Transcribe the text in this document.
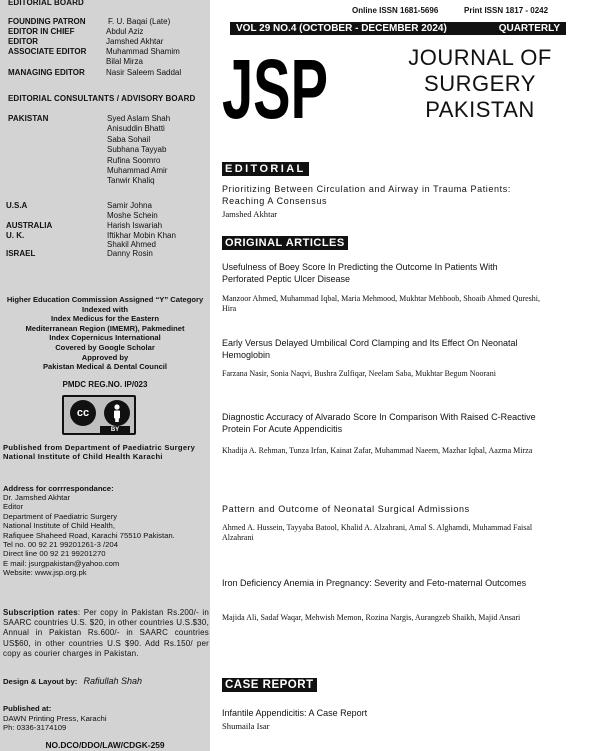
EDITORIAL BOARD
FOUNDING PATRON	F. U. Baqai (Late)
EDITOR IN CHIEF	Abdul Aziz
EDITOR	Jamshed Akhtar
ASSOCIATE EDITOR Muhammad Shamim
Bilal Mirza
MANAGING EDITOR	Nasir Saleem Saddal
EDITORIAL CONSULTANTS / ADVISORY BOARD
PAKISTAN	Syed Aslam Shah
Anisuddin Bhatti
Saba Sohail
Subhana Tayyab
Rufina Soomro
Muhammad Amir
Tanwir Khaliq
U.S.A	Samir Johna
Moshe Schein
AUSTRALIA	Harish Iswariah
U. K.	Iftikhar Mobin Khan
Shakil Ahmed
ISRAEL	Danny Rosin
Higher Education Commission Assigned “Y” Category
Indexed with
Index Medicus for the Eastern
Mediterranean Region (IMEMR), Pakmedinet
Index Copernicus International
Covered by Google Scholar
Approved by
Pakistan Medical & Dental Council
PMDC REG.NO. IP/023
cc
BY
Published from Department of Paediatric Surgery
National Institute of Child Health Karachi
Address for corrrespondance:
Dr. Jamshed Akhtar
Editor
Department of Paediatric Surgery
National Institute of Child Health,
Rafiquee Shaheed Road, Karachi 75510 Pakistan.
Tel no. 00 92 21 99201261-3 /204
Direct line 00 92 21 99201270
E mail: jsurgpakistan@yahoo.com
Website: www.jsp.org.pk
Subscription rates: Per copy in Pakistan Rs.200/- in SAARC countries U.S. $20, in other countries U.S.$30, Annual in Pakistan Rs.600/- in SAARC countries US$60, in other countries U.S $90. Add Rs.150/ per copy as courier charges in Pakistan.
Design & Layout by: Rafiullah Shah
Published at:
DAWN Printing Press, Karachi
Ph: 0336-3174109
NO.DCO/DDO/LAW/CDGK-259
Online ISSN 1681-5696	Print ISSN 1817 - 0242
VOL 29 NO.4 (OCTOBER - DECEMBER 2024)	QUARTERLY
JSP	JOURNAL OF
SURGERY
PAKISTAN
EDITORIAL
Prioritizing Between Circulation and Airway in Trauma Patients: Reaching A Consensus
Jamshed Akhtar
ORIGINAL ARTICLES
Usefulness of Boey Score In Predicting the Outcome In Patients With Perforated Peptic Ulcer Disease
Manzoor Ahmed, Muhammad Iqbal, Maria Mehmood, Mukhtar Mehboob, Shoaib Ahmed Qureshi, Hira
Early Versus Delayed Umbilical Cord Clamping and Its Effect On Neonatal Hemoglobin
Farzana Nasir, Sonia Naqvi, Bushra Zulfiqar, Neelam Saba, Mukhtar Begum Noorani
Diagnostic Accuracy of Alvarado Score In Comparison With Raised C-Reactive Protein For Acute Appendicitis
Khadija A. Rehman, Tunza Irfan, Kainat Zafar, Muhammad Naeem, Mazhar Iqbal, Aazma Mirza
Pattern and Outcome of Neonatal Surgical Admissions
Ahmed A. Hussein, Tayyaba Batool, Khalid A. Alzahrani, Amal S. Alghamdi, Muhammad Faisal Alzahrani
Iron Deficiency Anemia in Pregnancy: Severity and Feto-maternal Outcomes
Majida Ali, Sadaf Waqar, Mehwish Memon, Rozina Nargis, Aurangzeb Shaikh, Majid Ansari
CASE REPORT
Infantile Appendicitis: A Case Report
Shumaila Isar
